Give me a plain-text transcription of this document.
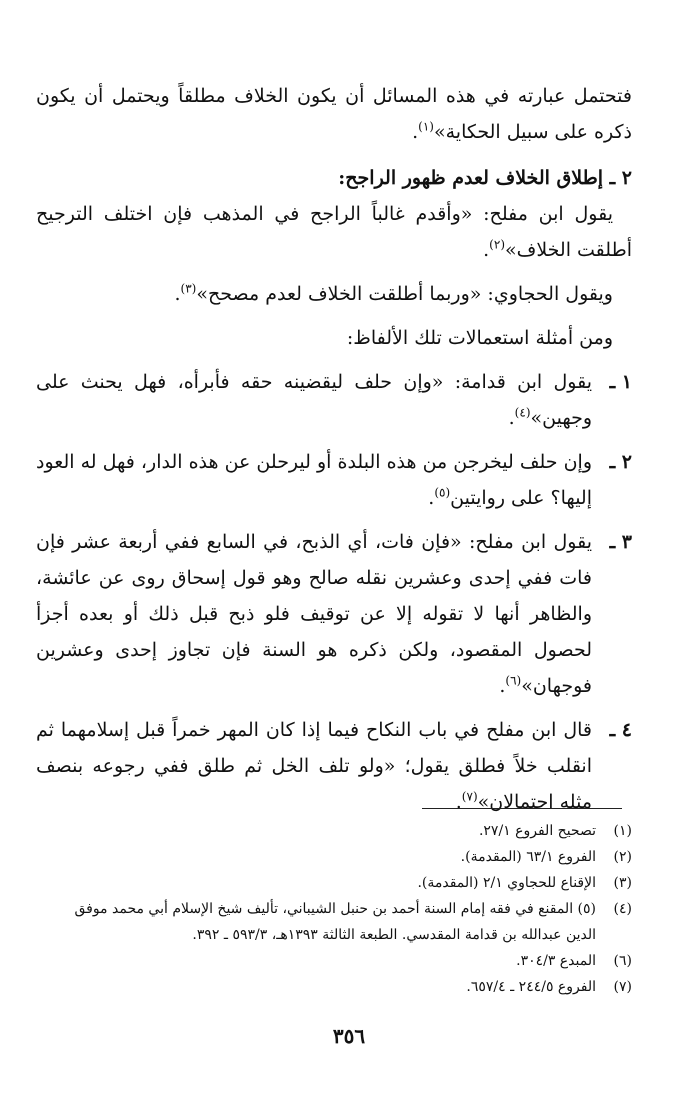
فتحتمل عبارته في هذه المسائل أن يكون الخلاف مطلقاً ويحتمل أن يكون ذكره على سبيل الحكاية»$^{(١)}$.

٢ ـ إطلاق الخلاف لعدم ظهور الراجح:

 يقول ابن مفلح: «وأقدم غالباً الراجح في المذهب فإن اختلف الترجيح أطلقت الخلاف»$^{(٢)}$.

 ويقول الحجاوي: «وربما أطلقت الخلاف لعدم مصحح»$^{(٣)}$.

 ومن أمثلة استعمالات تلك الألفاظ:

١ ـ
يقول ابن قدامة: «وإن حلف ليقضينه حقه فأبرأه، فهل يحنث على وجهين»$^{(٤)}$.
٢ ـ
وإن حلف ليخرجن من هذه البلدة أو ليرحلن عن هذه الدار، فهل له العود إليها؟ على روايتين$^{(٥)}$.
٣ ـ
يقول ابن مفلح: «فإن فات، أي الذبح، في السابع ففي أربعة عشر فإن فات ففي إحدى وعشرين نقله صالح وهو قول إسحاق روى عن عائشة، والظاهر أنها لا تقوله إلا عن توقيف فلو ذبح قبل ذلك أو بعده أجزأ لحصول المقصود، ولكن ذكره هو السنة فإن تجاوز إحدى وعشرين فوجهان»$^{(٦)}$.
٤ ـ
قال ابن مفلح في باب النكاح فيما إذا كان المهر خمراً قبل إسلامهما ثم انقلب خلاً فطلق يقول؛ «ولو تلف الخل ثم طلق ففي رجوعه بنصف مثله احتمالان»$^{(٧)}$.
(١)
تصحيح الفروع ٢٧/١.
(٢)
الفروع ٦٣/١ (المقدمة).
(٣)
الإقناع للحجاوي ٢/١ (المقدمة).
(٤)
(٥) المقنع في فقه إمام السنة أحمد بن حنبل الشيباني، تأليف شيخ الإسلام أبي محمد موفق الدين عبدالله بن قدامة المقدسي. الطبعة الثالثة ١٣٩٣هـ، ٥٩٣/٣ ـ ٣٩٢.
(٦)
المبدع ٣٠٤/٣.
(٧)
الفروع ٢٤٤/٥ ـ ٦٥٧/٤.
٣٥٦
